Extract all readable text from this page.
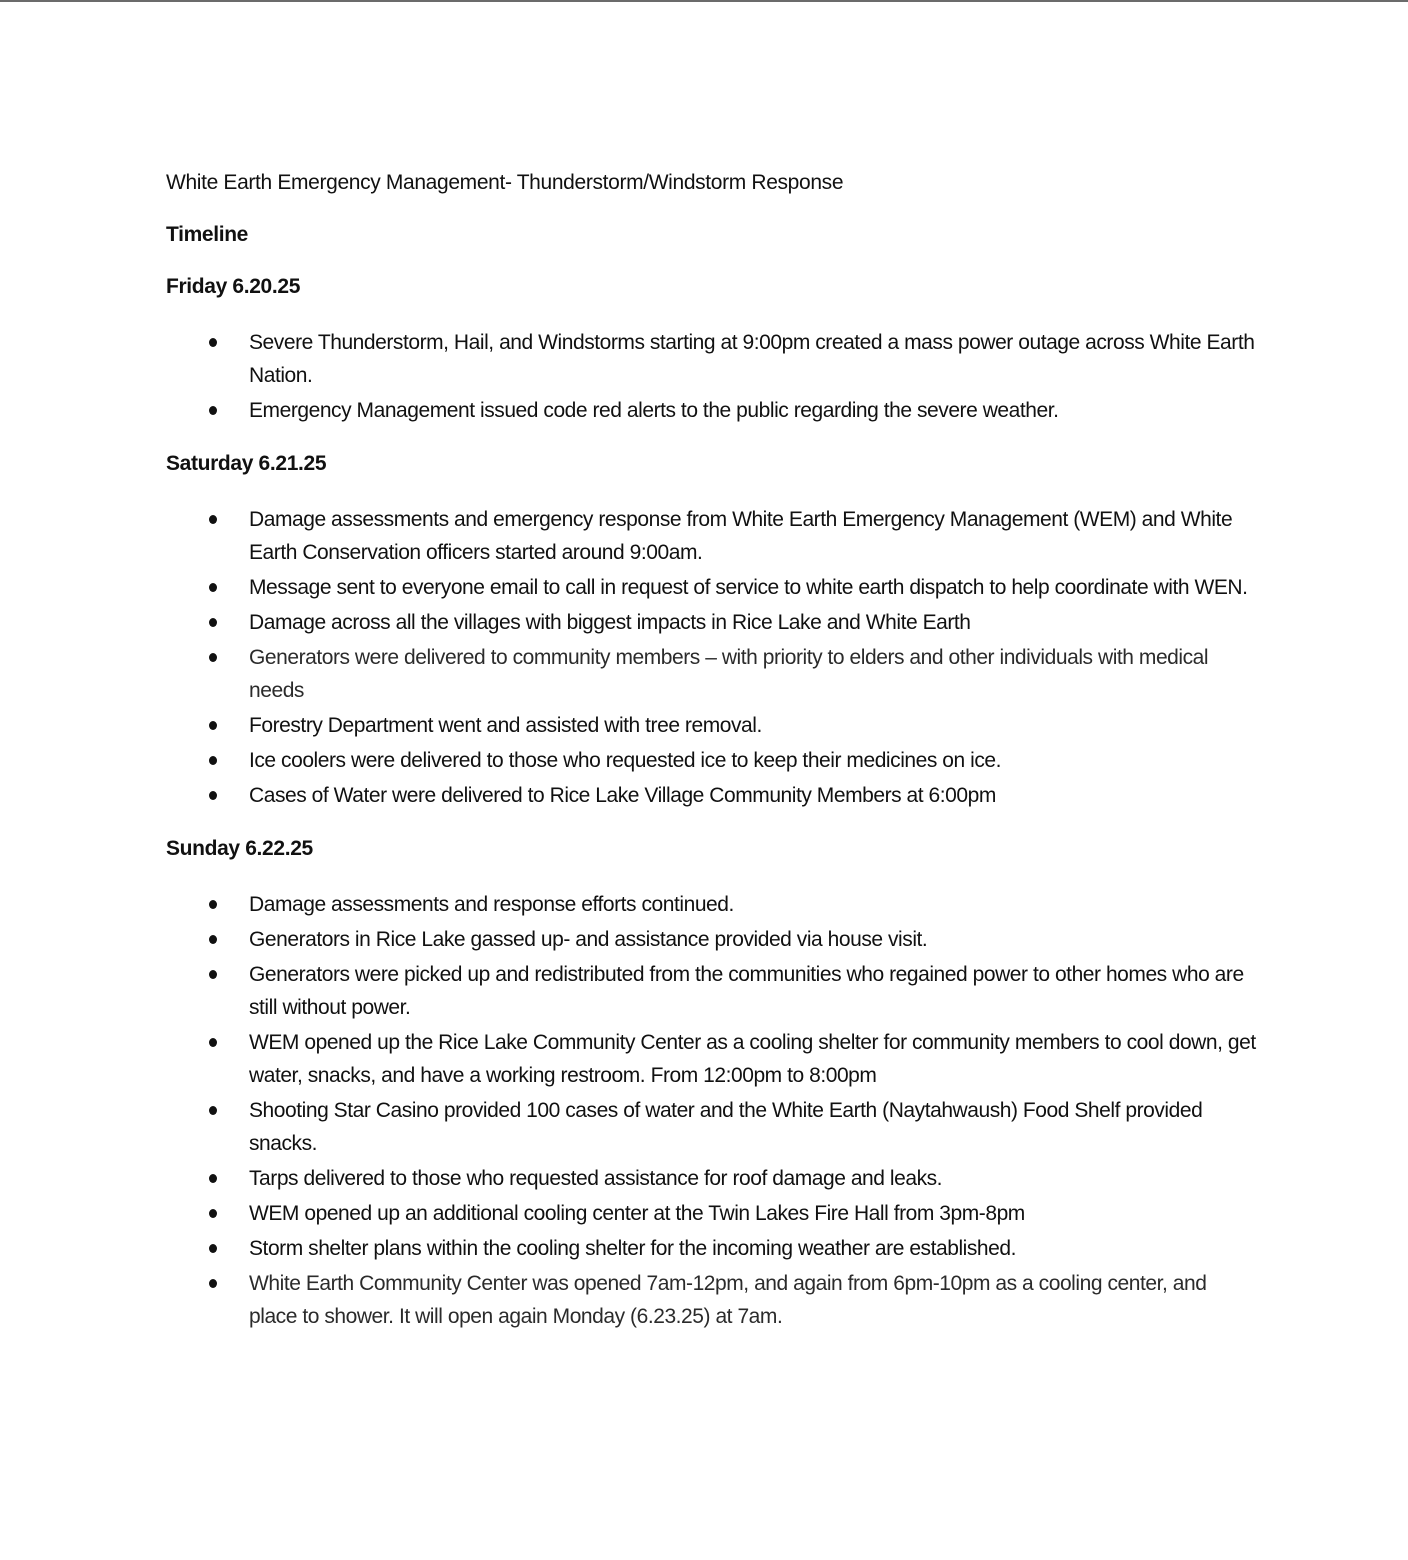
White Earth Emergency Management- Thunderstorm/Windstorm Response
Timeline
Friday 6.20.25
Severe Thunderstorm, Hail, and Windstorms starting at 9:00pm created a mass power outage across White Earth Nation.
Emergency Management issued code red alerts to the public regarding the severe weather.
Saturday 6.21.25
Damage assessments and emergency response from White Earth Emergency Management (WEM) and White Earth Conservation officers started around 9:00am.
Message sent to everyone email to call in request of service to white earth dispatch to help coordinate with WEN.
Damage across all the villages with biggest impacts in Rice Lake and White Earth
Generators were delivered to community members – with priority to elders and other individuals with medical needs
Forestry Department went and assisted with tree removal.
Ice coolers were delivered to those who requested ice to keep their medicines on ice.
Cases of Water were delivered to Rice Lake Village Community Members at 6:00pm
Sunday 6.22.25
Damage assessments and response efforts continued.
Generators in Rice Lake gassed up- and assistance provided via house visit.
Generators were picked up and redistributed from the communities who regained power to other homes who are still without power.
WEM opened up the Rice Lake Community Center as a cooling shelter for community members to cool down, get water, snacks, and have a working restroom. From 12:00pm to 8:00pm
Shooting Star Casino provided 100 cases of water and the White Earth (Naytahwaush) Food Shelf provided snacks.
Tarps delivered to those who requested assistance for roof damage and leaks.
WEM opened up an additional cooling center at the Twin Lakes Fire Hall from 3pm-8pm
Storm shelter plans within the cooling shelter for the incoming weather are established.
White Earth Community Center was opened 7am-12pm, and again from 6pm-10pm as a cooling center, and place to shower. It will open again Monday (6.23.25) at 7am.
